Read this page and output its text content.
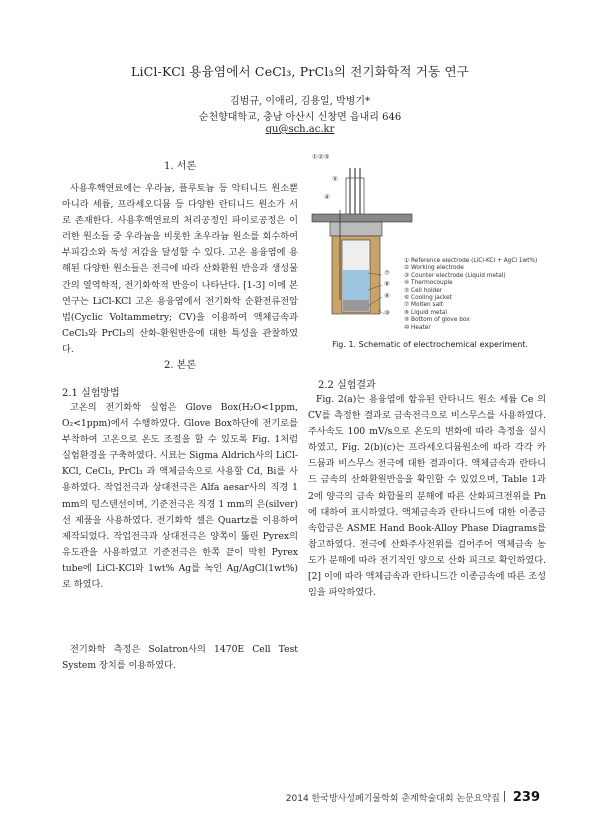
LiCl-KCl 용융염에서 CeCl₃, PrCl₃의 전기화학적 거동 연구
김범규, 이애리, 김용일, 박병기*
순천향대학교, 충남 아산시 신창면 읍내리 646
qu@sch.ac.kr
1. 서론

사용후핵연료에는 우라늄, 플루토늄 등 악티니드 원소뿐 아니라 세륨, 프라세오디뮴 등 다양한 란티니드 원소가 서로 존재한다. 사용후핵연료의 처리공정인 파이로공정은 이러한 원소들 중 우라늄을 비롯한 초우라늄 원소를 회수하여 부피감소와 독성 저감을 달성할 수 있다. 고온 용융염에 용해된 다양한 원소들은 전극에 따라 산화환원 반응과 생성물간의 열역학적, 전기화학적 반응이 나타난다. [1-3] 이에 본 연구는 LiCl-KCl 고온 용융염에서 전기화학 순환전류전압법(Cyclic Voltammetry; CV)을 이용하여 액체금속과 CeCl₃와 PrCl₃의 산화-환원반응에 대한 특성을 관찰하였다.

2. 본론
2.1 실험방법

고온의 전기화학 실험은 Glove Box(H₂O<1ppm, O₂<1ppm)에서 수행하였다. Glove Box하단에 전기로를 부착하여 고온으로 온도 조절을 할 수 있도록 Fig. 1처럼 실험환경을 구축하였다. 시료는 Sigma Aldrich사의 LiCl-KCl, CeCl₃, PrCl₃ 과 액체금속으로 사용할 Cd, Bi를 사용하였다. 작업전극과 상대전극은 Alfa aesar사의 직경 1 mm의 텅스텐선이며, 기준전극은 직경 1 mm의 은(silver)선 제품을 사용하였다. 전기화학 셀은 Quartz를 이용하여 제작되었다. 작업전극과 상대전극은 양쪽이 뚫린 Pyrex의 유도관을 사용하였고 기준전극은 한쪽 끝이 막힌 Pyrex tube에 LiCl-KCl와 1wt% Ag를 녹인 Ag/AgCl(1wt%)로 하였다.

전기화학 측정은 Solatron사의 1470E Cell Test System 장치를 이용하였다.

①②③
⑤
④
⑦
⑧
⑨
⑩
① Reference electrode (LiCl-KCl + AgCl 1wt%)
② Working electrode
③ Counter electrode (Liquid metal)
④ Thermocouple
⑤ Cell holder
⑥ Cooling jacket
⑦ Molten salt
⑧ Liquid metal
⑨ Bottom of glove box
⑩ Heater
Fig. 1. Schematic of electrochemical experiment.
2.2 실험결과

Fig. 2(a)는 용융염에 함유된 란타니드 원소 세륨 Ce 의 CV를 측정한 결과로 금속전극으로 비스무스를 사용하였다. 주사속도 100 mV/s으로 온도의 변화에 따라 측정을 실시하였고, Fig. 2(b)(c)는 프라세오디뮴원소에 따라 각각 카드뮴과 비스무스 전극에 대한 결과이다. 액체금속과 란타니드 금속의 산화환원반응을 확인할 수 있었으며, Table 1과 2에 양극의 금속 화합물의 분해에 따른 산화피크전위를 Pn에 대하여 표시하였다. 액체금속과 란타니드에 대한 이종금속합금은 ASME Hand Book-Alloy Phase Diagrams를 참고하였다. 전극에 산화주사전위를 걸어주어 액체금속 농도가 분해에 따라 전기적인 양으로 산화 피크로 확인하였다.[2] 이에 따라 액체금속과 란타니드간 이종금속에 따른 조성임을 파악하였다.

2014 한국방사성폐기물학회 춘계학술대회 논문요약집 239
